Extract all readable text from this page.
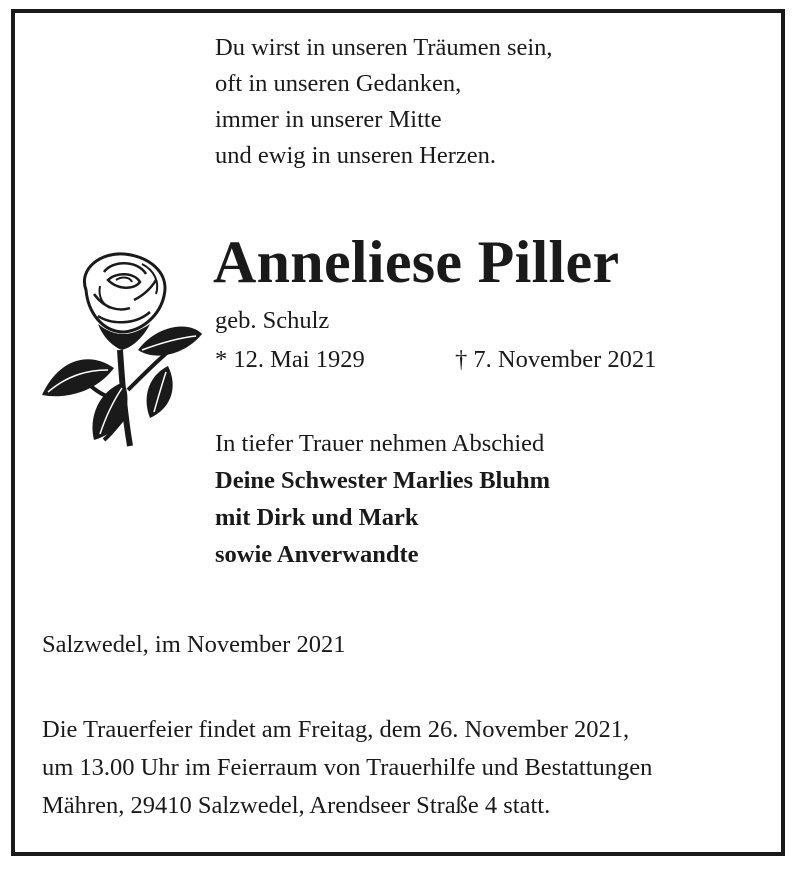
Du wirst in unseren Träumen sein,
oft in unseren Gedanken,
immer in unserer Mitte
und ewig in unseren Herzen.
Anneliese Piller
geb. Schulz
* 12. Mai 1929	† 7. November 2021
In tiefer Trauer nehmen Abschied
Deine Schwester Marlies Bluhm
mit Dirk und Mark
sowie Anverwandte
Salzwedel, im November 2021
Die Trauerfeier findet am Freitag, dem 26. November 2021,
um 13.00 Uhr im Feierraum von Trauerhilfe und Bestattungen
Mähren, 29410 Salzwedel, Arendseer Straße 4 statt.
